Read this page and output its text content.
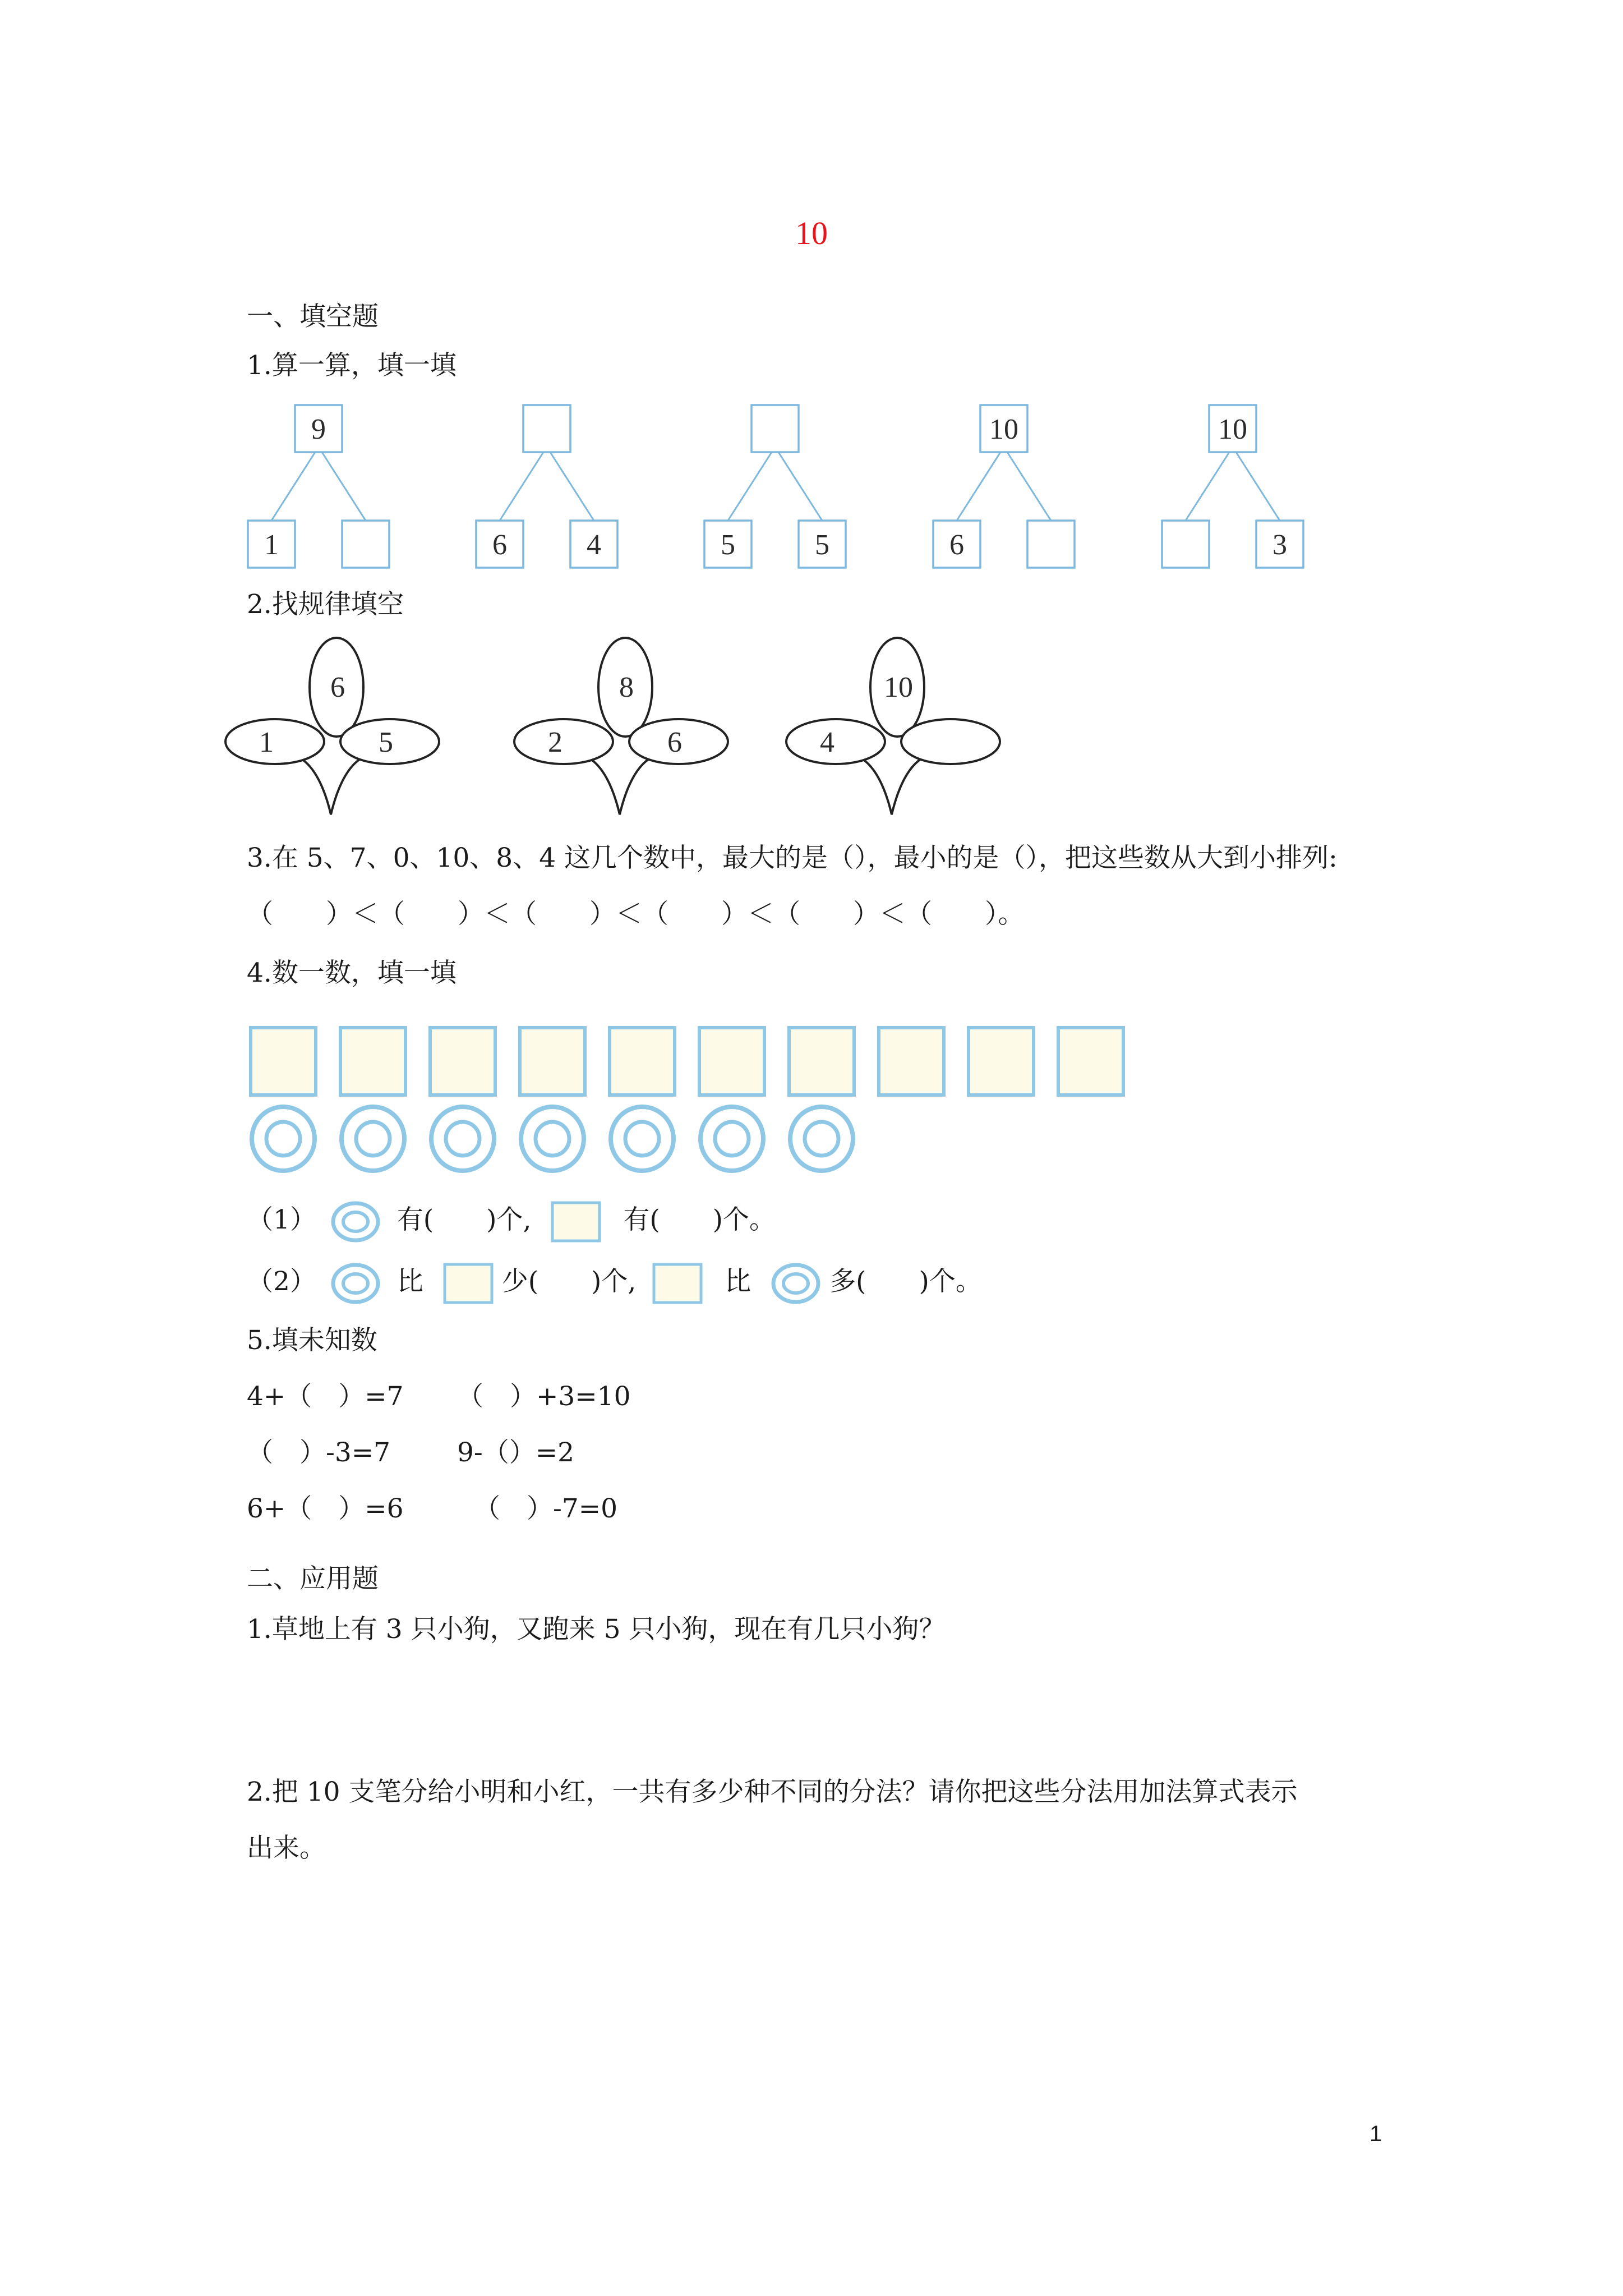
10
一、填空题
1.算一算，填一填
9
1	6	4	5	5
10
6
10
3
2.找规律填空
6
1	5
8
2	6
10
4
3.在 5、7、0、10、8、4 这几个数中，最大的是（），最小的是（），把这些数从大到小排列:
（　　）＜（　　）＜（　　）＜（　　）＜（　　）＜（　　）。
4.数一数，填一填
（1）	有(　　)个,	有(　　)个。
（2）	比	少(　　)个,	比	多(　　)个。
5.填未知数
4+（　）=7 （　）+3=10
（　）-3=7	9-（）=2
6+（　）=6	（　）-7=0
二、应用题
1.草地上有 3 只小狗，又跑来 5 只小狗，现在有几只小狗？
2.把 10 支笔分给小明和小红，一共有多少种不同的分法？请你把这些分法用加法算式表示
出来。
1
